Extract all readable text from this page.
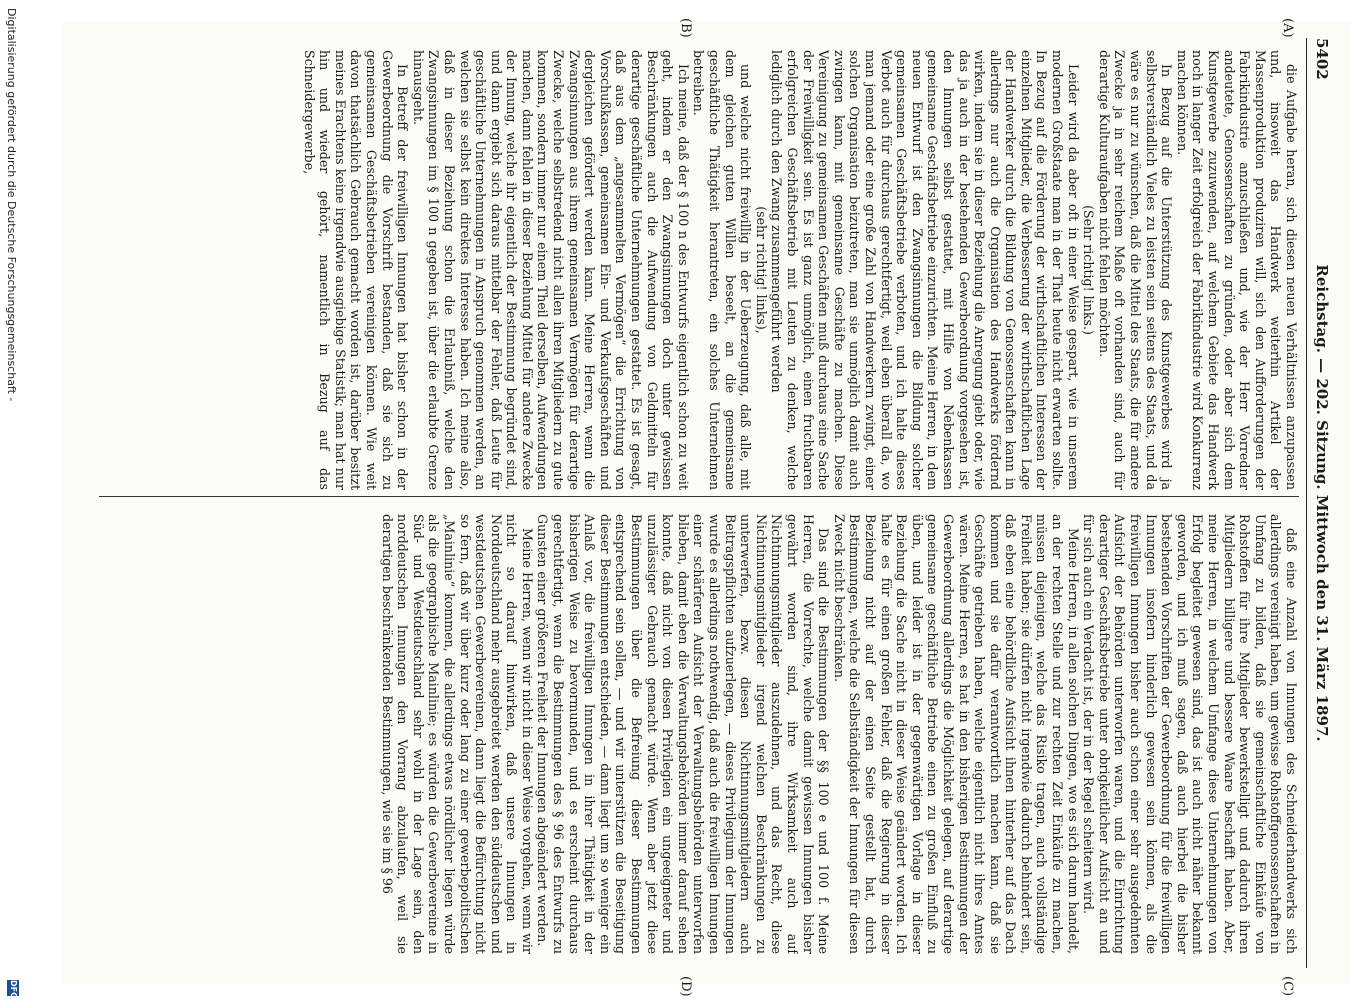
5402
Reichstag. — 202. Sitzung. Mittwoch den 31. März 1897.
(A)
(B)
(C)
(D)

die Aufgabe heran, sich diesen neuen Verhältnissen anzupassen und, insoweit das Handwerk weiterhin Artikel der Massenproduktion produziren will, sich den Aufforderungen der Fabrikindustrie anzuschließen und, wie der Herr Vorredner andeutete, Genossenschaften zu gründen, oder aber sich dem Kunstgewerbe zuzuwenden, auf welchem Gebiete das Handwerk noch in langer Zeit erfolgreich der Fabrikindustrie wird Konkurrenz machen können.

In Bezug auf die Unterstützung des Kunstgewerbes wird ja selbstverständlich Vieles zu leisten sein seitens des Staats, und da wäre es nur zu wünschen, daß die Mittel des Staats, die für andere Zwecke ja in sehr reichem Maße oft vorhanden sind, auch für derartige Kulturaufgaben nicht fehlen möchten.

(Sehr richtig! links.)

Leider wird da aber oft in einer Weise gespart, wie in unserem modernen Großstaate man in der That heute nicht erwarten sollte. In Bezug auf die Förderung der wirthschaftlichen Interessen der einzelnen Mitglieder, die Verbesserung der wirthschaftlichen Lage der Handwerker durch die Bildung von Genossenschaften kann in allerdings nur auch die Organisation des Handwerks fördernd wirken, indem sie in dieser Beziehung die Anregung giebt oder, wie das ja auch in der bestehenden Gewerbeordnung vorgesehen ist, den Innungen selbst gestattet, mit Hilfe von Nebenkassen gemeinsame Geschäftsbetriebe einzurichten. Meine Herren, in dem neuen Entwurf ist den Zwangsinnungen die Bildung solcher gemeinsamen Geschäftsbetriebe verboten, und ich halte dieses Verbot auch für durchaus gerechtfertigt, weil eben überall da, wo man jemand oder eine große Zahl von Handwerkern zwingt, einer solchen Organisation beizutreten, man sie unmöglich damit auch zwingen kann, mit gemeinsame Geschäfte zu machen. Diese Vereinigung zu gemeinsamen Geschäften muß durchaus eine Sache der Freiwilligkeit sein. Es ist ganz unmöglich, einen fruchtbaren erfolgreichen Geschäftsbetrieb mit Leuten zu denken, welche lediglich durch den Zwang zusammengeführt werden

(sehr richtig! links),

und welche nicht freiwillig in der Ueberzeugung, daß alle, mit dem gleichen guten Willen beseelt, an die gemeinsame geschäftliche Thätigkeit herantreten, ein solches Unternehmen betreiben.

Ich meine, daß der § 100 n des Entwurfs eigentlich schon zu weit geht, indem er den Zwangsinnungen doch unter gewissen Beschränkungen auch die Aufwendung von Geldmitteln für derartige geschäftliche Unternehmungen gestattet. Es ist gesagt, daß aus dem „angesammelten Vermögen“ die Errichtung von Vorschußkassen, gemeinsamen Ein- und Verkaufsgeschäften und dergleichen gefördert werden kann. Meine Herren, wenn die Zwangsinnungen aus ihrem gemeinsamen Vermögen für derartige Zwecke, welche selbstredend nicht allen ihren Mitgliedern zu gute kommen, sondern immer nur einem Theil derselben, Aufwendungen machen, dann fehlen in dieser Beziehung Mittel für andere Zwecke der Innung, welche ihr eigentlich der Bestimmung begründet sind, und dann ergiebt sich daraus mittelbar der Fehler, daß Leute für geschäftliche Unternehmungen in Anspruch genommen werden, an welchen sie selbst kein direktes Interesse haben. Ich meine also, daß in dieser Beziehung schon die Erlaubniß, welche den Zwangsinnungen im § 100 n gegeben ist, über die erlaubte Grenze hinausgeht.

In Betreff der freiwilligen Innungen hat bisher schon in der Gewerbeordnung die Vorschrift bestanden, daß sie sich zu gemeinsamen Geschäftsbetrieben vereinigen können. Wie weit davon thatsächlich Gebrauch gemacht worden ist, darüber besitzt meines Erachtens keine irgendwie ausgiebige Statistik; man hat nur hin und wieder gehört, namentlich in Bezug auf das Schneidergewerbe,

daß eine Anzahl von Innungen des Schneiderhandwerks sich allerdings vereinigt haben, um gewisse Rohstoffgenossenschaften in Umfang zu bilden, daß sie gemeinschaftliche Einkäufe von Rohstoffen für ihre Mitglieder bewerkstelligt und dadurch ihren Mitgliedern billigere und bessere Waare beschafft haben. Aber, meine Herren, in welchem Umfange diese Unternehmungen von Erfolg begleitet gewesen sind, das ist auch nicht näher bekannt geworden, und ich muß sagen, daß auch hierbei die bisher bestehenden Vorschriften der Gewerbeordnung für die freiwilligen Innungen insofern hinderlich gewesen sein können, als die freiwilligen Innungen bisher auch schon einer sehr ausgedehnten Aufsicht der Behörden unterworfen waren, und die Einrichtung derartiger Geschäftsbetriebe unter obrigkeitlicher Aufsicht an und für sich auch ein Verdacht ist, der in der Regel scheitern wird.

Meine Herren, in allen solchen Dingen, wo es sich darum handelt, an der rechten Stelle und zur rechten Zeit Einkäufe zu machen, müssen diejenigen, welche das Risiko tragen, auch vollständige Freiheit haben; sie dürfen nicht irgendwie dadurch behindert sein, daß eben eine behördliche Aufsicht ihnen hinterher auf das Dach kommen und sie dafür verantwortlich machen kann, daß sie Geschäfte getrieben haben, welche eigentlich nicht ihres Amtes wären. Meine Herren, es hat in den bisherigen Bestimmungen der Gewerbeordnung allerdings die Möglichkeit gelegen, auf derartige gemeinsame geschäftliche Betriebe einen zu großen Einfluß zu üben, und leider ist in der gegenwärtigen Vorlage in dieser Beziehung die Sache nicht in dieser Weise geändert worden. Ich halte es für einen großen Fehler, daß die Regierung in dieser Beziehung nicht auf der einen Seite gestellt hat, durch Bestimmungen, welche die Selbständigkeit der Innungen für diesen Zweck nicht beschränken.

Das sind die Bestimmungen der §§ 100 e und 100 f. Meine Herren, die Vorrechte, welche damit gewissen Innungen bisher gewährt worden sind, ihre Wirksamkeit auch auf Nichtinnungsmitglieder auszudehnen, und das Recht, diese Nichtinnungsmitglieder irgend welchen Beschränkungen zu unterwerfen, bezw. diesen Nichtinnungsmitgliedern auch Beitragspflichten aufzuerlegen, — dieses Privilegium der Innungen wurde es allerdings nothwendig, daß auch die freiwilligen Innungen einer schärferen Aufsicht der Verwaltungsbehörden unterworfen blieben, damit eben die Verwaltungsbehörden immer darauf sehen konnte, daß nicht von diesen Privilegien ein ungeeigneter und unzulässiger Gebrauch gemacht würde. Wenn aber jetzt diese Bestimmungen über die Befreiung dieser Bestimmungen entsprechend sein sollen, — und wir unterstützen die Beseitigung dieser Bestimmungen entschieden, — dann liegt um so weniger ein Anlaß vor, die freiwilligen Innungen in ihrer Thätigkeit in der bisherigen Weise zu bevormunden, und es erscheint durchaus gerechtfertigt, wenn die Bestimmungen des § 96 des Entwurfs zu Gunsten einer größeren Freiheit der Innungen abgeändert werden.

Meine Herren, wenn wir nicht in dieser Weise vorgehen, wenn wir nicht so darauf hinwirken, daß unsere Innungen in Norddeutschland mehr ausgebreitet werden den süddeutschen und westdeutschen Gewerbevereinen, dann liegt die Befürchtung nicht so fern, daß wir über kurz oder lang zu einer gewerbepolitischen „Mainlinie“ kommen, die allerdings etwas nördlicher liegen würde als die geographische Mainlinie; es würden die Gewerbevereine in Süd- und Westdeutschland sehr wohl in der Lage sein, den norddeutschen Innungen den Vorrang abzulaufen, weil sie derartigen beschränkenden Bestimmungen, wie sie im § 96

Digitalisierung gefördert durch die Deutsche Forschungsgemeinschaft -
DFG
